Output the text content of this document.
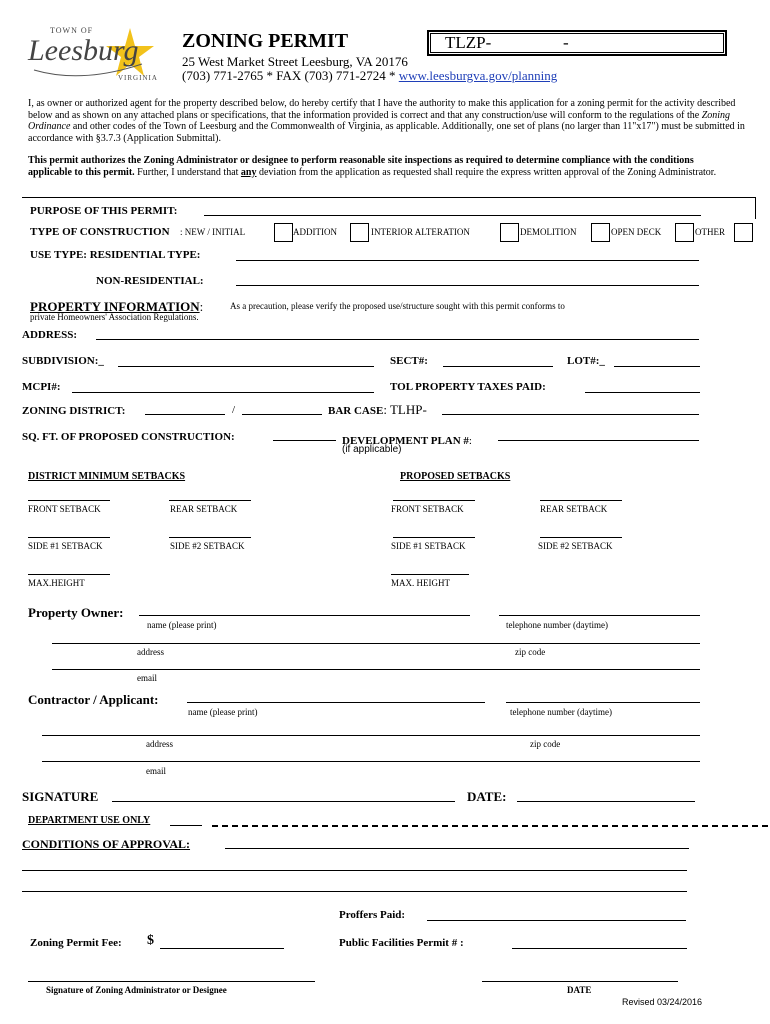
TOWN OF
Leesburg
VIRGINIA
ZONING PERMIT	TLZP-	-
25 West Market Street Leesburg, VA 20176
(703) 771-2765 * FAX (703) 771-2724 * www.leesburgva.gov/planning
I, as owner or authorized agent for the property described below, do hereby certify that I have the authority to make this application for a zoning permit for the activity described below and as shown on any attached plans or specifications, that the information provided is correct and that any construction/use will conform to the regulations of the Zoning Ordinance and other codes of the Town of Leesburg and the Commonwealth of Virginia, as applicable. Additionally, one set of plans (no larger than 11"x17") must be submitted in accordance with §3.7.3 (Application Submittal).
This permit authorizes the Zoning Administrator or designee to perform reasonable site inspections as required to determine compliance with the conditions applicable to this permit. Further, I understand that any deviation from the application as requested shall require the express written approval of the Zoning Administrator.
PURPOSE OF THIS PERMIT:
TYPE OF CONSTRUCTION : NEW / INITIAL	ADDITION	INTERIOR ALTERATION	DEMOLITION	OPEN DECK	OTHER
USE TYPE: RESIDENTIAL TYPE:
NON-RESIDENTIAL:
PROPERTY INFORMATION:	As a precaution, please verify the proposed use/structure sought with this permit conforms to
private Homeowners' Association Regulations.
ADDRESS:
SUBDIVISION:_	SECT#:	LOT#:_
MCPI#:	TOL PROPERTY TAXES PAID:
ZONING DISTRICT:	/	BAR CASE: TLHP-
SQ. FT. OF PROPOSED CONSTRUCTION:	DEVELOPMENT PLAN #:
(if applicable)
DISTRICT MINIMUM SETBACKS	PROPOSED SETBACKS
FRONT SETBACK	REAR SETBACK	FRONT SETBACK	REAR SETBACK
SIDE #1 SETBACK	SIDE #2 SETBACK	SIDE #1 SETBACK	SIDE #2 SETBACK
MAX.HEIGHT	MAX. HEIGHT
Property Owner:
name (please print)	telephone number (daytime)
address	zip code
email
Contractor / Applicant:
name (please print)	telephone number (daytime)
address	zip code
email
SIGNATURE	DATE:
DEPARTMENT USE ONLY
CONDITIONS OF APPROVAL:
Proffers Paid:
Zoning Permit Fee: $	Public Facilities Permit # :
Signature of Zoning Administrator or Designee	DATE
Revised 03/24/2016
